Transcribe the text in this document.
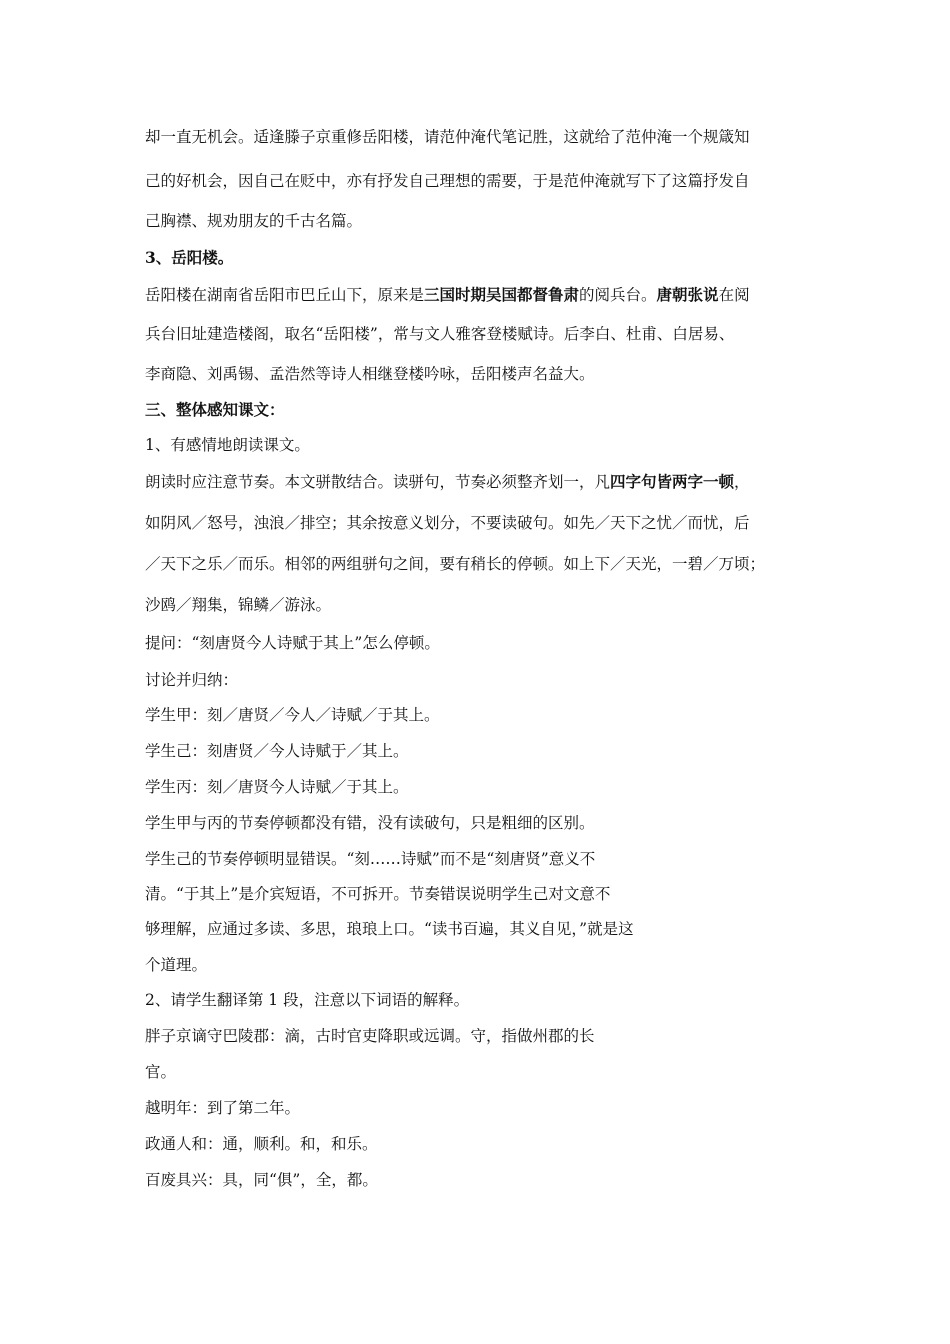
却一直无机会。适逢滕子京重修岳阳楼，请范仲淹代笔记胜，这就给了范仲淹一个规箴知
己的好机会，因自己在贬中，亦有抒发自己理想的需要，于是范仲淹就写下了这篇抒发自
己胸襟、规劝朋友的千古名篇。
3、岳阳楼。
岳阳楼在湖南省岳阳市巴丘山下，原来是三国时期吴国都督鲁肃的阅兵台。唐朝张说在阅
兵台旧址建造楼阁，取名“岳阳楼”，常与文人雅客登楼赋诗。后李白、杜甫、白居易、
李商隐、刘禹锡、孟浩然等诗人相继登楼吟咏，岳阳楼声名益大。
三、整体感知课文：
1、有感情地朗读课文。
朗读时应注意节奏。本文骈散结合。读骈句，节奏必须整齐划一，凡四字句皆两字一顿，
如阴风／怒号，浊浪／排空；其余按意义划分，不要读破句。如先／天下之忧／而忧，后
／天下之乐／而乐。相邻的两组骈句之间，要有稍长的停顿。如上下／天光，一碧／万顷；
沙鸥／翔集，锦鳞／游泳。
提问：“刻唐贤今人诗赋于其上”怎么停顿。
讨论并归纳：
学生甲：刻／唐贤／今人／诗赋／于其上。
学生己：刻唐贤／今人诗赋于／其上。
学生丙：刻／唐贤今人诗赋／于其上。
学生甲与丙的节奏停顿都没有错，没有读破句，只是粗细的区别。
学生己的节奏停顿明显错误。“刻……诗赋”而不是“刻唐贤”意义不
清。“于其上”是介宾短语，不可拆开。节奏错误说明学生己对文意不
够理解，应通过多读、多思，琅琅上口。“读书百遍，其义自见，”就是这
个道理。
2、请学生翻译第 1 段，注意以下词语的解释。
胖子京谪守巴陵郡：滴，古时官吏降职或远调。守，指做州郡的长
官。
越明年：到了第二年。
政通人和：通，顺利。和，和乐。
百废具兴：具，同“俱”，全，都。
